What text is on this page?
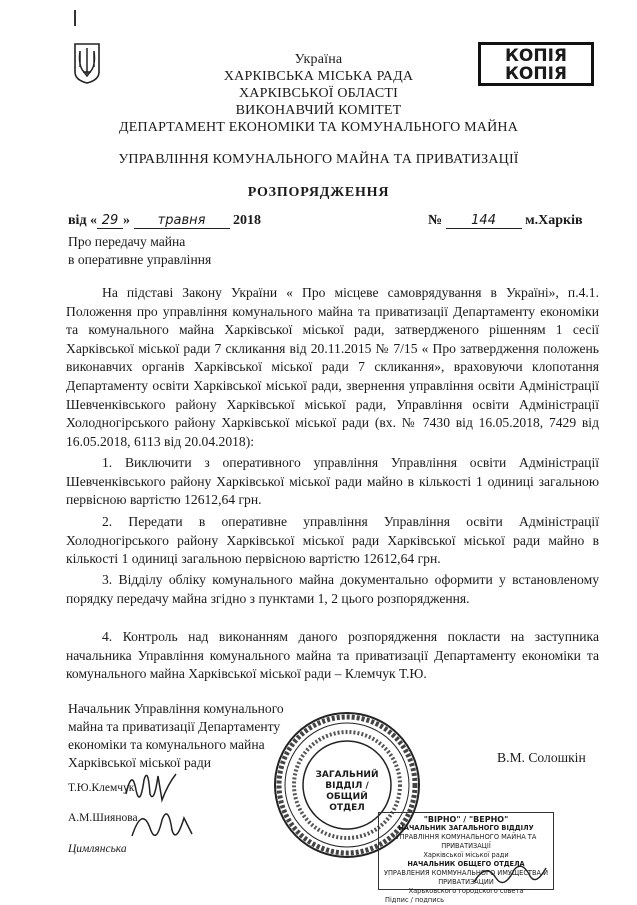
КОПІЯ
КОПІЯ
Україна
ХАРКІВСЬКА МІСЬКА РАДА
ХАРКІВСЬКОЇ ОБЛАСТІ
ВИКОНАВЧИЙ КОМІТЕТ
ДЕПАРТАМЕНТ ЕКОНОМІКИ ТА КОМУНАЛЬНОГО МАЙНА
УПРАВЛІННЯ КОМУНАЛЬНОГО МАЙНА ТА ПРИВАТИЗАЦІЇ
РОЗПОРЯДЖЕННЯ
від « 29 » травня 2018	№ 144 м.Харків
Про передачу майна
в оперативне управління
На підставі Закону України « Про місцеве самоврядування в Україні», п.4.1. Положення про управління комунального майна та приватизації Департаменту економіки та комунального майна Харківської міської ради, затвердженого рішенням 1 сесії Харківської міської ради 7 скликання від 20.11.2015 № 7/15 « Про затвердження положень виконавчих органів Харківської міської ради 7 скликання», враховуючи клопотання Департаменту освіти Харківської міської ради, звернення управління освіти Адміністрації Шевченківського району Харківської міської ради, Управління освіти Адміністрації Холодногірського району Харківської міської ради (вх. № 7430 від 16.05.2018, 7429 від 16.05.2018, 6113 від 20.04.2018):
1. Виключити з оперативного управління Управління освіти Адміністрації Шевченківського району Харківської міської ради майно в кількості 1 одиниці загальною первісною вартістю 12612,64 грн.
2. Передати в оперативне управління Управління освіти Адміністрації Холодногірського району Харківської міської ради Харківської міської ради майно в кількості 1 одиниці загальною первісною вартістю 12612,64 грн.
3. Відділу обліку комунального майна документально оформити у встановленому порядку передачу майна згідно з пунктами 1, 2 цього розпорядження.
4. Контроль над виконанням даного розпорядження покласти на заступника начальника Управління комунального майна та приватизації Департаменту економіки та комунального майна Харківської міської ради – Клемчук Т.Ю.
Начальник Управління комунального
майна та приватизації Департаменту
економіки та комунального майна
Харківської міської ради	В.М. Солошкін
Т.Ю.Клемчук
А.М.Шиянова
Цимлянська
ЗАГАЛЬНИЙ
ВІДДІЛ /
ОБЩИЙ ОТДЕЛ
"ВІРНО" / "ВЕРНО"
НАЧАЛЬНИК ЗАГАЛЬНОГО ВІДДІЛУ
УПРАВЛІННЯ КОМУНАЛЬНОГО МАЙНА ТА ПРИВАТИЗАЦІЇ
Харківської міської ради
НАЧАЛЬНИК ОБЩЕГО ОТДЕЛА
УПРАВЛЕНИЯ КОММУНАЛЬНОГО ИМУЩЕСТВА И ПРИВАТИЗАЦИИ
Харьковского городского совета
Підпис / подпись
